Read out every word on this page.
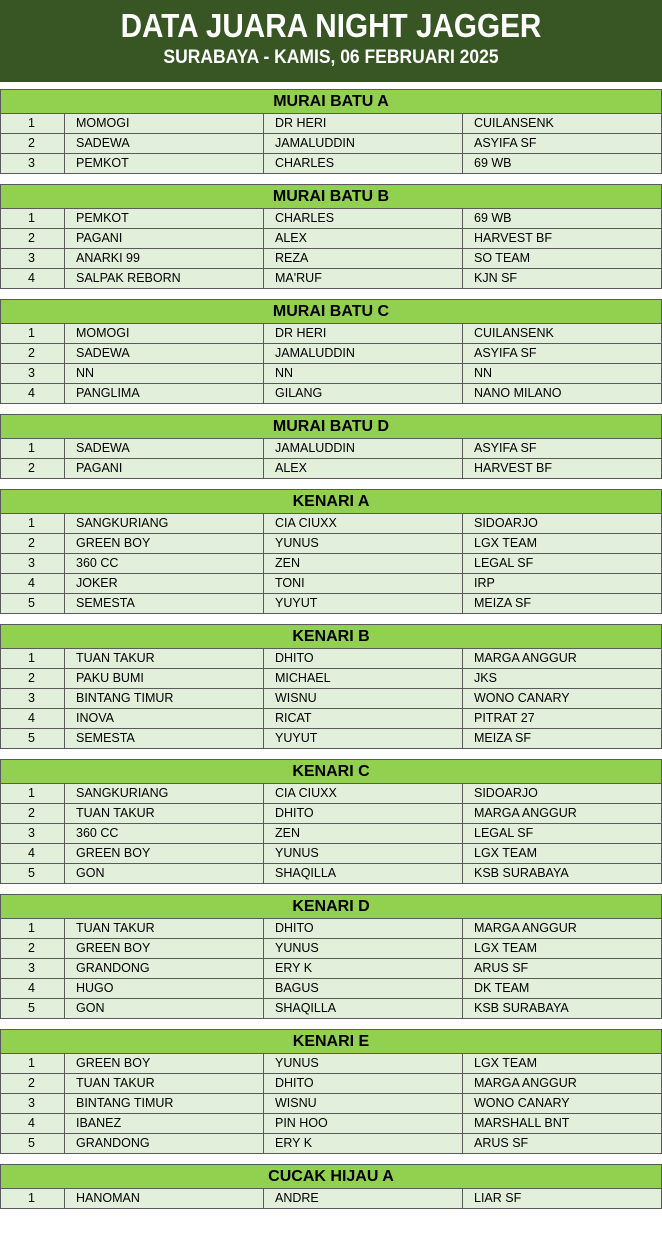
DATA JUARA NIGHT JAGGER
SURABAYA - KAMIS, 06 FEBRUARI 2025
MURAI BATU A
1	MOMOGI	DR HERI	CUILANSENK
2	SADEWA	JAMALUDDIN	ASYIFA SF
3	PEMKOT	CHARLES	69 WB
MURAI BATU B
1	PEMKOT	CHARLES	69 WB
2	PAGANI	ALEX	HARVEST BF
3	ANARKI 99	REZA	SO TEAM
4	SALPAK REBORN	MA'RUF	KJN SF
MURAI BATU C
1	MOMOGI	DR HERI	CUILANSENK
2	SADEWA	JAMALUDDIN	ASYIFA SF
3	NN	NN	NN
4	PANGLIMA	GILANG	NANO MILANO
MURAI BATU D
1	SADEWA	JAMALUDDIN	ASYIFA SF
2	PAGANI	ALEX	HARVEST BF
KENARI A
1	SANGKURIANG	CIA CIUXX	SIDOARJO
2	GREEN BOY	YUNUS	LGX TEAM
3	360 CC	ZEN	LEGAL SF
4	JOKER	TONI	IRP
5	SEMESTA	YUYUT	MEIZA SF
KENARI B
1	TUAN TAKUR	DHITO	MARGA ANGGUR
2	PAKU BUMI	MICHAEL	JKS
3	BINTANG TIMUR	WISNU	WONO CANARY
4	INOVA	RICAT	PITRAT 27
5	SEMESTA	YUYUT	MEIZA SF
KENARI C
1	SANGKURIANG	CIA CIUXX	SIDOARJO
2	TUAN TAKUR	DHITO	MARGA ANGGUR
3	360 CC	ZEN	LEGAL SF
4	GREEN BOY	YUNUS	LGX TEAM
5	GON	SHAQILLA	KSB SURABAYA
KENARI D
1	TUAN TAKUR	DHITO	MARGA ANGGUR
2	GREEN BOY	YUNUS	LGX TEAM
3	GRANDONG	ERY K	ARUS SF
4	HUGO	BAGUS	DK TEAM
5	GON	SHAQILLA	KSB SURABAYA
KENARI E
1	GREEN BOY	YUNUS	LGX TEAM
2	TUAN TAKUR	DHITO	MARGA ANGGUR
3	BINTANG TIMUR	WISNU	WONO CANARY
4	IBANEZ	PIN HOO	MARSHALL BNT
5	GRANDONG	ERY K	ARUS SF
CUCAK HIJAU A
1	HANOMAN	ANDRE	LIAR SF
